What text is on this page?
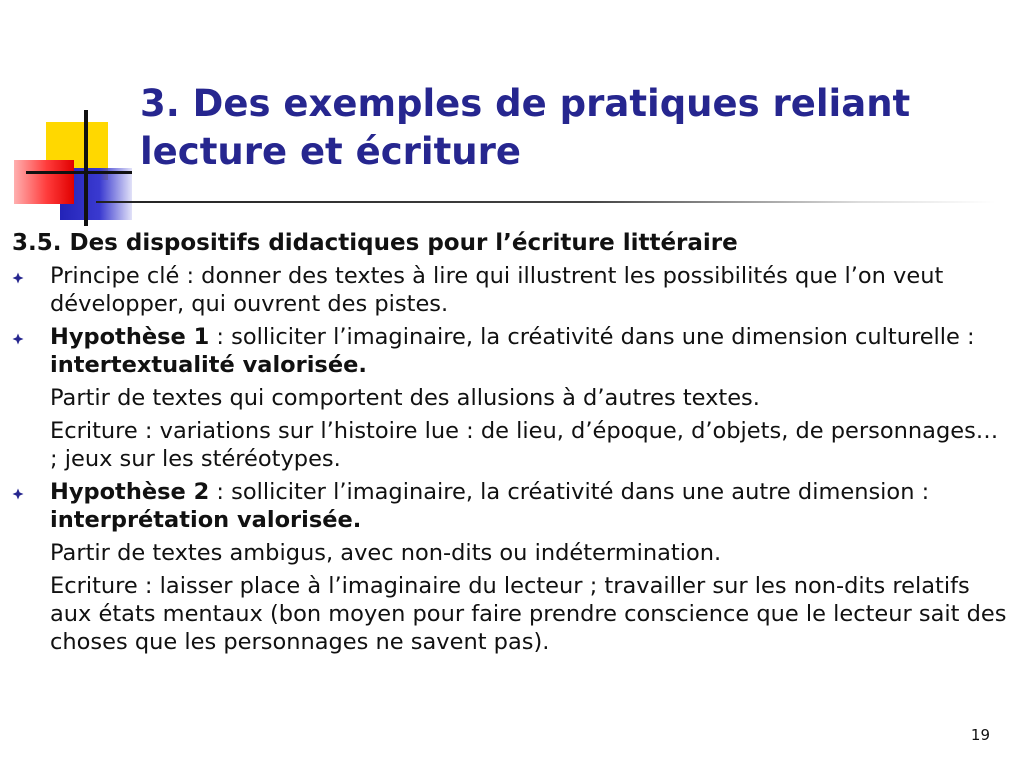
3. Des exemples de pratiques reliant
lecture et écriture
3.5. Des dispositifs didactiques pour l’écriture littéraire
Principe clé : donner des textes à lire qui illustrent les possibilités que l’on veut développer, qui ouvrent des pistes.
Hypothèse 1 : solliciter l’imaginaire, la créativité dans une dimension culturelle : intertextualité valorisée.
Partir de textes qui comportent des allusions à d’autres textes.
Ecriture : variations sur l’histoire lue : de lieu, d’époque, d’objets, de personnages… ; jeux sur les stéréotypes.
Hypothèse 2 : solliciter l’imaginaire, la créativité dans une autre dimension : interprétation valorisée.
Partir de textes ambigus, avec non-dits ou indétermination.
Ecriture : laisser place à l’imaginaire du lecteur ; travailler sur les non-dits relatifs aux états mentaux (bon moyen pour faire prendre conscience que le lecteur sait des choses que les personnages ne savent pas).
19
